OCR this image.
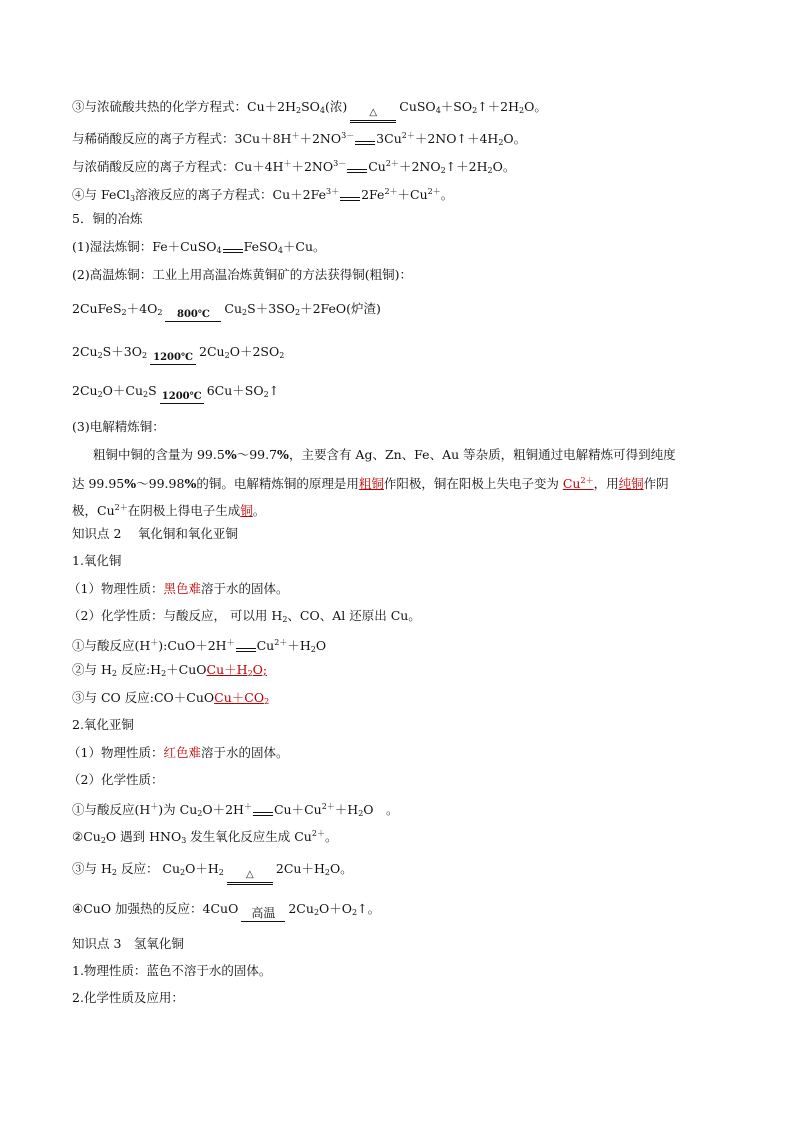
③与浓硫酸共热的化学方程式：$Cu+2H_2SO_4$(浓)	△	$CuSO_4+SO_2↑+2H_2O$。
与稀硝酸反应的离子方程式：$3Cu+8H^++2NO^{3-}$ $3Cu^{2+}+2NO↑+4H_2O$。
与浓硝酸反应的离子方程式：$Cu+4H^++2NO^{3-}$ $Cu^{2+}+2NO_2↑+2H_2O$。
④与 FeCl$_3$溶液反应的离子方程式：$Cu+2Fe^{3+}$ $2Fe^{2+}+Cu^{2+}$。
5．铜的冶炼
(1)湿法炼铜：Fe＋CuSO$_4$ FeSO$_4$＋Cu。
(2)高温炼铜：工业上用高温冶炼黄铜矿的方法获得铜(粗铜)：
$2CuFeS_2+4O_2$	800℃	$Cu_2S+3SO_2+2FeO$(炉渣)
$2Cu_2S+3O_2$ 1200℃ $2Cu_2O+2SO_2$
$2Cu_2O+Cu_2S$ 1200℃ $6Cu+SO_2↑$
(3)电解精炼铜：
粗铜中铜的含量为 99.5%～99.7%，主要含有 Ag、Zn、Fe、Au 等杂质，粗铜通过电解精炼可得到纯度
达 99.95%～99.98%的铜。电解精炼铜的原理是用粗铜作阳极，铜在阳极上失电子变为 $Cu^{2+}$，用纯铜作阴
极，$Cu^{2+}$在阴极上得电子生成铜。
知识点 2　 氧化铜和氧化亚铜
1.氧化铜
（1）物理性质：黑色难溶于水的固体。
（2）化学性质：与酸反应， 可以用 $H_2$、CO、Al 还原出 Cu。
①与酸反应(H＋):CuO＋2H＋ $Cu^{2+}+H_2O$
②与 $H_2$ 反应$:H_2+CuOCu+H_2O$;
③与 CO 反应$:CO+CuOCu+CO_2$
2.氧化亚铜
（1）物理性质：红色难溶于水的固体。
（2）化学性质：
①与酸反应(H＋)为 $Cu_2O+2H^+$ $Cu+Cu^{2+}+H_2O$　。
$②Cu_2O$ 遇到 $HNO_3$ 发生氧化反应生成 $Cu^{2+}$。
③与 $H_2$ 反应： $Cu_2O+H_2$	△	$2Cu+H_2O$。
④CuO 加强热的反应：4CuO	高温	$2Cu_2O+O_2↑$。
知识点 3　氢氧化铜
1.物理性质：蓝色不溶于水的固体。
2.化学性质及应用：
